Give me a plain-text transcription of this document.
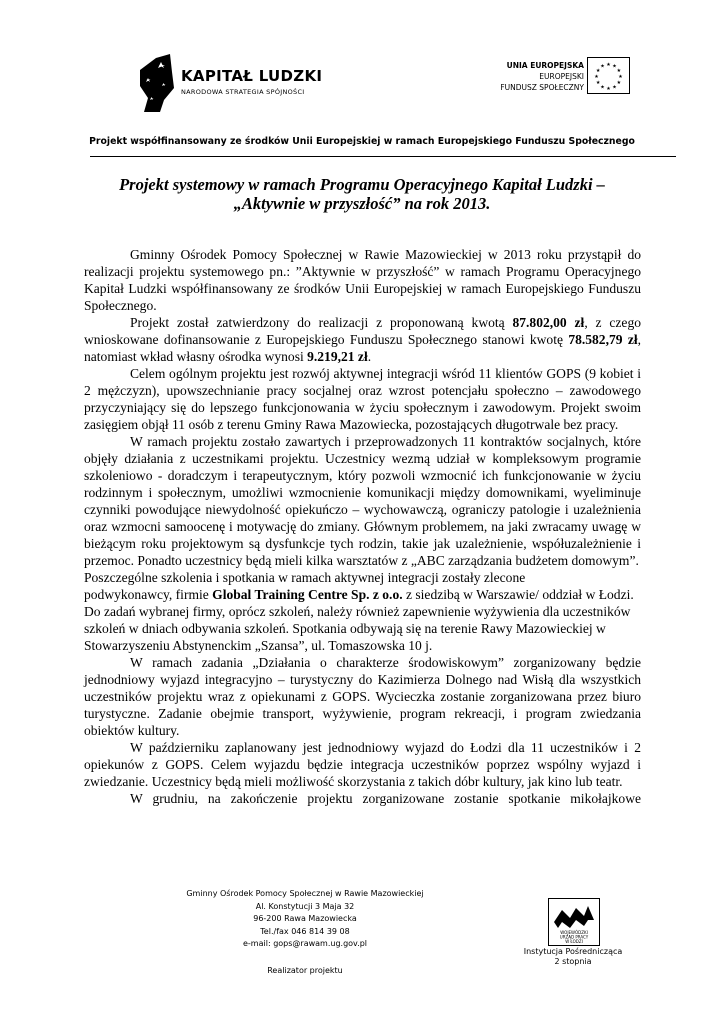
KAPITAŁ LUDZKI
NARODOWA STRATEGIA SPÓJNOŚCI
UNIA EUROPEJSKA
EUROPEJSKI
FUNDUSZ SPOŁECZNY
★ ★
★
★
★
★
★
★
★
★
★
★
Projekt współfinansowany ze środków Unii Europejskiej w ramach Europejskiego Funduszu Społecznego
Projekt systemowy w ramach Programu Operacyjnego Kapitał Ludzki –
„Aktywnie w przyszłość” na rok 2013.

Gminny Ośrodek Pomocy Społecznej w Rawie Mazowieckiej w 2013 roku przystąpił do realizacji projektu systemowego pn.: ”Aktywnie w przyszłość” w ramach Programu Operacyjnego Kapitał Ludzki współfinansowany ze środków Unii Europejskiej w ramach Europejskiego Funduszu Społecznego.

Projekt został zatwierdzony do realizacji z proponowaną kwotą 87.802,00 zł, z czego wnioskowane dofinansowanie z Europejskiego Funduszu Społecznego stanowi kwotę 78.582,79 zł, natomiast wkład własny ośrodka wynosi 9.219,21 zł.

Celem ogólnym projektu jest rozwój aktywnej integracji wśród 11 klientów GOPS (9 kobiet i 2 mężczyzn), upowszechnianie pracy socjalnej oraz wzrost potencjału społeczno – zawodowego przyczyniający się do lepszego funkcjonowania w życiu społecznym i zawodowym. Projekt swoim zasięgiem objął 11 osób z terenu Gminy Rawa Mazowiecka, pozostających długotrwale bez pracy.

W ramach projektu zostało zawartych i przeprowadzonych 11 kontraktów socjalnych, które objęły działania z uczestnikami projektu. Uczestnicy wezmą udział w kompleksowym programie szkoleniowo - doradczym i terapeutycznym, który pozwoli wzmocnić ich funkcjonowanie w życiu rodzinnym i społecznym, umożliwi wzmocnienie komunikacji między domownikami, wyeliminuje czynniki powodujące niewydolność opiekuńczo – wychowawczą, ograniczy patologie i uzależnienia oraz wzmocni samoocenę i motywację do zmiany. Głównym problemem, na jaki zwracamy uwagę w bieżącym roku projektowym są dysfunkcje tych rodzin, takie jak uzależnienie, współuzależnienie i przemoc. Ponadto uczestnicy będą mieli kilka warsztatów z „ABC zarządzania budżetem domowym”.

Poszczególne szkolenia i spotkania w ramach aktywnej integracji zostały zlecone

podwykonawcy, firmie Global Training Centre Sp. z o.o. z siedzibą w Warszawie/ oddział w Łodzi. Do zadań wybranej firmy, oprócz szkoleń, należy również zapewnienie wyżywienia dla uczestników szkoleń w dniach odbywania szkoleń. Spotkania odbywają się na terenie Rawy Mazowieckiej w Stowarzyszeniu Abstynenckim „Szansa”, ul. Tomaszowska 10 j.

W ramach zadania „Działania o charakterze środowiskowym” zorganizowany będzie jednodniowy wyjazd integracyjno – turystyczny do Kazimierza Dolnego nad Wisłą dla wszystkich uczestników projektu wraz z opiekunami z GOPS. Wycieczka zostanie zorganizowana przez biuro turystyczne. Zadanie obejmie transport, wyżywienie, program rekreacji, i program zwiedzania obiektów kultury.

W październiku zaplanowany jest jednodniowy wyjazd do Łodzi dla 11 uczestników i 2 opiekunów z GOPS. Celem wyjazdu będzie integracja uczestników poprzez wspólny wyjazd i zwiedzanie. Uczestnicy będą mieli możliwość skorzystania z takich dóbr kultury, jak kino lub teatr.

W grudniu, na zakończenie projektu zorganizowane zostanie spotkanie mikołajkowe

Gminny Ośrodek Pomocy Społecznej w Rawie Mazowieckiej
Al. Konstytucji 3 Maja 32
96-200 Rawa Mazowiecka
Tel./fax 046 814 39 08
e-mail: gops@rawam.ug.gov.pl
Realizator projektu
WOJEWÓDZKI
URZĄD PRACY
W ŁODZI
Instytucja Pośrednicząca
2 stopnia
